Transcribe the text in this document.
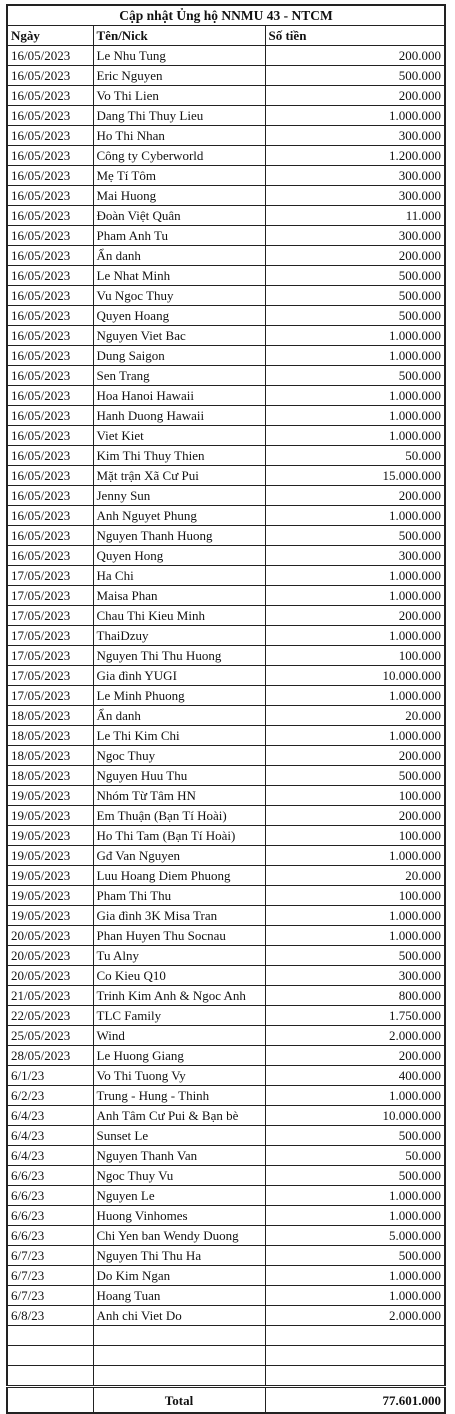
Cập nhật Ủng hộ NNMU 43 - NTCM		
Ngày	Tên/Nick	Số tiền
16/05/2023	Le Nhu Tung	200.000
16/05/2023	Eric Nguyen	500.000
16/05/2023	Vo Thi Lien	200.000
16/05/2023	Dang Thi Thuy Lieu	1.000.000
16/05/2023	Ho Thi Nhan	300.000
16/05/2023	Công ty Cyberworld	1.200.000
16/05/2023	Mẹ Tí Tôm	300.000
16/05/2023	Mai Huong	300.000
16/05/2023	Đoàn Việt Quân	11.000
16/05/2023	Pham Anh Tu	300.000
16/05/2023	Ẩn danh	200.000
16/05/2023	Le Nhat Minh	500.000
16/05/2023	Vu Ngoc Thuy	500.000
16/05/2023	Quyen Hoang	500.000
16/05/2023	Nguyen Viet Bac	1.000.000
16/05/2023	Dung Saigon	1.000.000
16/05/2023	Sen Trang	500.000
16/05/2023	Hoa Hanoi Hawaii	1.000.000
16/05/2023	Hanh Duong Hawaii	1.000.000
16/05/2023	Viet Kiet	1.000.000
16/05/2023	Kim Thi Thuy Thien	50.000
16/05/2023	Mặt trận Xã Cư Pui	15.000.000
16/05/2023	Jenny Sun	200.000
16/05/2023	Anh Nguyet Phung	1.000.000
16/05/2023	Nguyen Thanh Huong	500.000
16/05/2023	Quyen Hong	300.000
17/05/2023	Ha Chi	1.000.000
17/05/2023	Maisa Phan	1.000.000
17/05/2023	Chau Thi Kieu Minh	200.000
17/05/2023	ThaiDzuy	1.000.000
17/05/2023	Nguyen Thi Thu Huong	100.000
17/05/2023	Gia đình YUGI	10.000.000
17/05/2023	Le Minh Phuong	1.000.000
18/05/2023	Ẩn danh	20.000
18/05/2023	Le Thi Kim Chi	1.000.000
18/05/2023	Ngoc Thuy	200.000
18/05/2023	Nguyen Huu Thu	500.000
19/05/2023	Nhóm Từ Tâm HN	100.000
19/05/2023	Em Thuận (Bạn Tí Hoài)	200.000
19/05/2023	Ho Thi Tam (Bạn Tí Hoài)	100.000
19/05/2023	Gđ Van Nguyen	1.000.000
19/05/2023	Luu Hoang Diem Phuong	20.000
19/05/2023	Pham Thi Thu	100.000
19/05/2023	Gia đình 3K Misa Tran	1.000.000
20/05/2023	Phan Huyen Thu Socnau	1.000.000
20/05/2023	Tu Alny	500.000
20/05/2023	Co Kieu Q10	300.000
21/05/2023	Trinh Kim Anh & Ngoc Anh	800.000
22/05/2023	TLC Family	1.750.000
25/05/2023	Wind	2.000.000
28/05/2023	Le Huong Giang	200.000
6/1/23	Vo Thi Tuong Vy	400.000
6/2/23	Trung - Hung - Thinh	1.000.000
6/4/23	Anh Tâm Cư Pui & Bạn bè	10.000.000
6/4/23	Sunset Le	500.000
6/4/23	Nguyen Thanh Van	50.000
6/6/23	Ngoc Thuy Vu	500.000
6/6/23	Nguyen Le	1.000.000
6/6/23	Huong Vinhomes	1.000.000
6/6/23	Chi Yen ban Wendy Duong	5.000.000
6/7/23	Nguyen Thi Thu Ha	500.000
6/7/23	Do Kim Ngan	1.000.000
6/7/23	Hoang Tuan	1.000.000
6/8/23	Anh chi Viet Do	2.000.000

	Total	77.601.000
